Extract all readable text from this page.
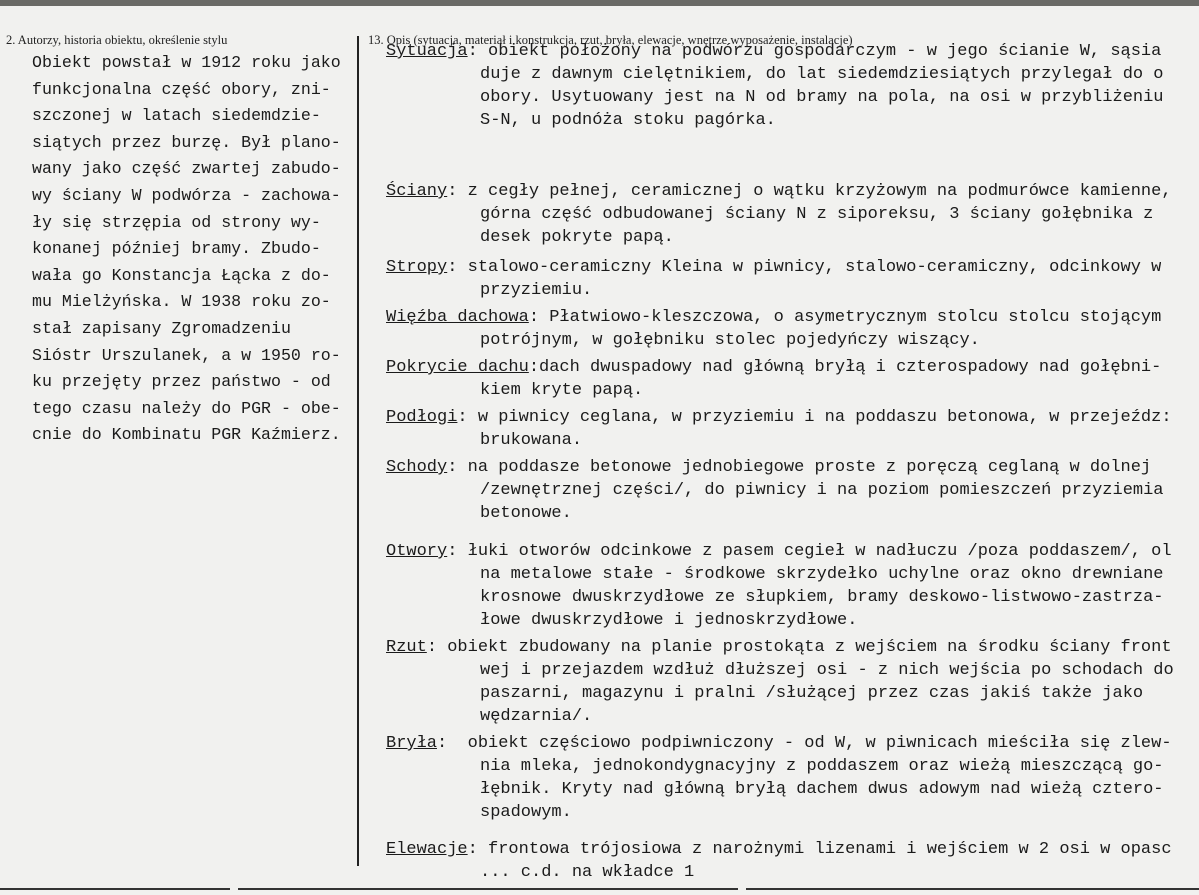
2. Autorzy, historia obiektu, określenie stylu	13. Opis (sytuacja, materiał i konstrukcja, rzut, bryła, elewacje, wnętrze wyposażenie, instalacje)
Obiekt powstał w 1912 roku jako
funkcjonalna część obory, zni-
szczonej w latach siedemdzie-
siątych przez burzę. Był plano-
wany jako część zwartej zabudo-
wy ściany W podwórza - zachowa-
ły się strzępia od strony wy-
konanej później bramy. Zbudo-
wała go Konstancja Łącka z do-
mu Mielżyńska. W 1938 roku zo-
stał zapisany Zgromadzeniu
Sióstr Urszulanek, a w 1950 ro-
ku przejęty przez państwo - od
tego czasu należy do PGR - obe-
cnie do Kombinatu PGR Kaźmierz.
Sytuacja: obiekt położony na podwórzu gospodarczym - w jego ścianie W, sąsia
duje z dawnym cielętnikiem, do lat siedemdziesiątych przylegał do o
obory. Usytuowany jest na N od bramy na pola, na osi w przybliżeniu
S-N, u podnóża stoku pagórka.
Ściany: z cegły pełnej, ceramicznej o wątku krzyżowym na podmurówce kamienne,
górna część odbudowanej ściany N z siporeksu, 3 ściany gołębnika z
desek pokryte papą.
Stropy: stalowo-ceramiczny Kleina w piwnicy, stalowo-ceramiczny, odcinkowy w
przyziemiu.
Więźba dachowa: Płatwiowo-kleszczowa, o asymetrycznym stolcu stolcu stojącym
potrójnym, w gołębniku stolec pojedyńczy wiszący.
Pokrycie dachu:dach dwuspadowy nad główną bryłą i czterospadowy nad gołębni-
kiem kryte papą.
Podłogi: w piwnicy ceglana, w przyziemiu i na poddaszu betonowa, w przejeźdz:
brukowana.
Schody: na poddasze betonowe jednobiegowe proste z poręczą ceglaną w dolnej
/zewnętrznej części/, do piwnicy i na poziom pomieszczeń przyziemia
betonowe.
Otwory: łuki otworów odcinkowe z pasem cegieł w nadłuczu /poza poddaszem/, ol
na metalowe stałe - środkowe skrzydełko uchylne oraz okno drewniane
krosnowe dwuskrzydłowe ze słupkiem, bramy deskowo-listwowo-zastrza-
łowe dwuskrzydłowe i jednoskrzydłowe.
Rzut: obiekt zbudowany na planie prostokąta z wejściem na środku ściany front
wej i przejazdem wzdłuż dłuższej osi - z nich wejścia po schodach do
paszarni, magazynu i pralni /służącej przez czas jakiś także jako
wędzarnia/.
Bryła:  obiekt częściowo podpiwniczony - od W, w piwnicach mieściła się zlew-
nia mleka, jednokondygnacyjny z poddaszem oraz wieżą mieszczącą go-
łębnik. Kryty nad główną bryłą dachem dwus adowym nad wieżą cztero-
spadowym.
Elewacje: frontowa trójosiowa z narożnymi lizenami i wejściem w 2 osi w opasc
... c.d. na wkładce 1
